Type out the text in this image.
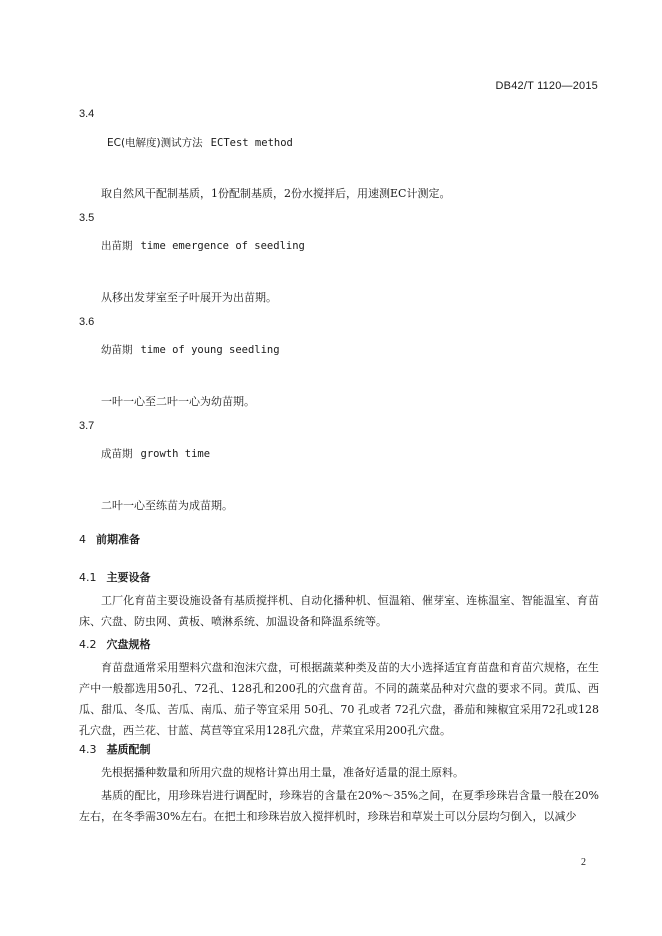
DB42/T 1120—2015
3.4
EC(电解度)测试方法 ECTest method
取自然风干配制基质，1份配制基质，2份水搅拌后，用速测EC计测定。
3.5
出苗期 time emergence of seedling
从移出发芽室至子叶展开为出苗期。
3.6
幼苗期 time of young seedling
一叶一心至二叶一心为幼苗期。
3.7
成苗期 growth time
二叶一心至练苗为成苗期。
4 前期准备
4.1 主要设备

工厂化育苗主要设施设备有基质搅拌机、自动化播种机、恒温箱、催芽室、连栋温室、智能温室、育苗床、穴盘、防虫网、黄板、喷淋系统、加温设备和降温系统等。

4.2 穴盘规格

育苗盘通常采用塑料穴盘和泡沫穴盘，可根据蔬菜种类及苗的大小选择适宜育苗盘和育苗穴规格，在生产中一般都选用50孔、72孔、128孔和200孔的穴盘育苗。不同的蔬菜品种对穴盘的要求不同。黄瓜、西瓜、甜瓜、冬瓜、苦瓜、南瓜、茄子等宜采用 50孔、70 孔或者 72孔穴盘，番茄和辣椒宜采用72孔或128孔穴盘，西兰花、甘蓝、莴苣等宜采用128孔穴盘，芹菜宜采用200孔穴盘。

4.3 基质配制

先根据播种数量和所用穴盘的规格计算出用土量，准备好适量的混土原料。

基质的配比，用珍珠岩进行调配时，珍珠岩的含量在20%～35%之间，在夏季珍珠岩含量一般在20%左右，在冬季需30%左右。在把土和珍珠岩放入搅拌机时，珍珠岩和草炭土可以分层均匀倒入，以减少

2
